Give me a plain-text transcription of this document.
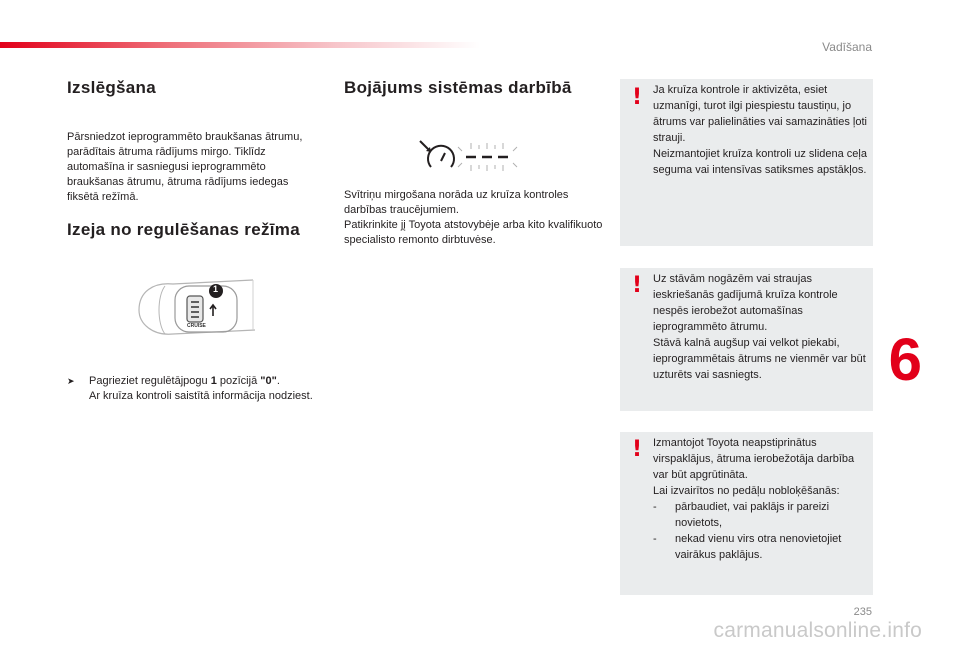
Vadīšana
6
235
Izslēgšana

Pārsniedzot ieprogrammēto braukšanas ātrumu, parādītais ātruma rādījums mirgo. Tiklīdz automašīna ir sasniegusi ieprogrammēto braukšanas ātrumu, ātruma rādījums iedegas fiksētā režīmā.

Izeja no regulēšanas režīma
1
CRUISE
➤	Pagrieziet regulētājpogu 1 pozīcijā "0".
Ar kruīza kontroli saistītā informācija nodziest.
Bojājums sistēmas darbībā

Svītriņu mirgošana norāda uz kruīza kontroles darbības traucējumiem.

Patikrinkite jį Toyota atstovybėje arba kito kvalifikuoto specialisto remonto dirbtuvėse.

! Ja kruīza kontrole ir aktivizēta, esiet uzmanīgi, turot ilgi piespiestu taustiņu, jo ātrums var palielināties vai samazināties ļoti strauji.
Neizmantojiet kruīza kontroli uz slidena ceļa seguma vai intensīvas satiksmes apstākļos.
! Uz stāvām nogāzēm vai straujas ieskriešanās gadījumā kruīza kontrole nespēs ierobežot automašīnas ieprogrammēto ātrumu.
Stāvā kalnā augšup vai velkot piekabi, ieprogrammētais ātrums ne vienmēr var būt uzturēts vai sasniegts.
! Izmantojot Toyota neapstiprinātus virspaklājus, ātruma ierobežotāja darbība var būt apgrūtināta.
Lai izvairītos no pedāļu nobloķēšanās:
-	pārbaudiet, vai paklājs ir pareizi novietots,
-	nekad vienu virs otra nenovietojiet vairākus paklājus.
carmanualsonline.info
